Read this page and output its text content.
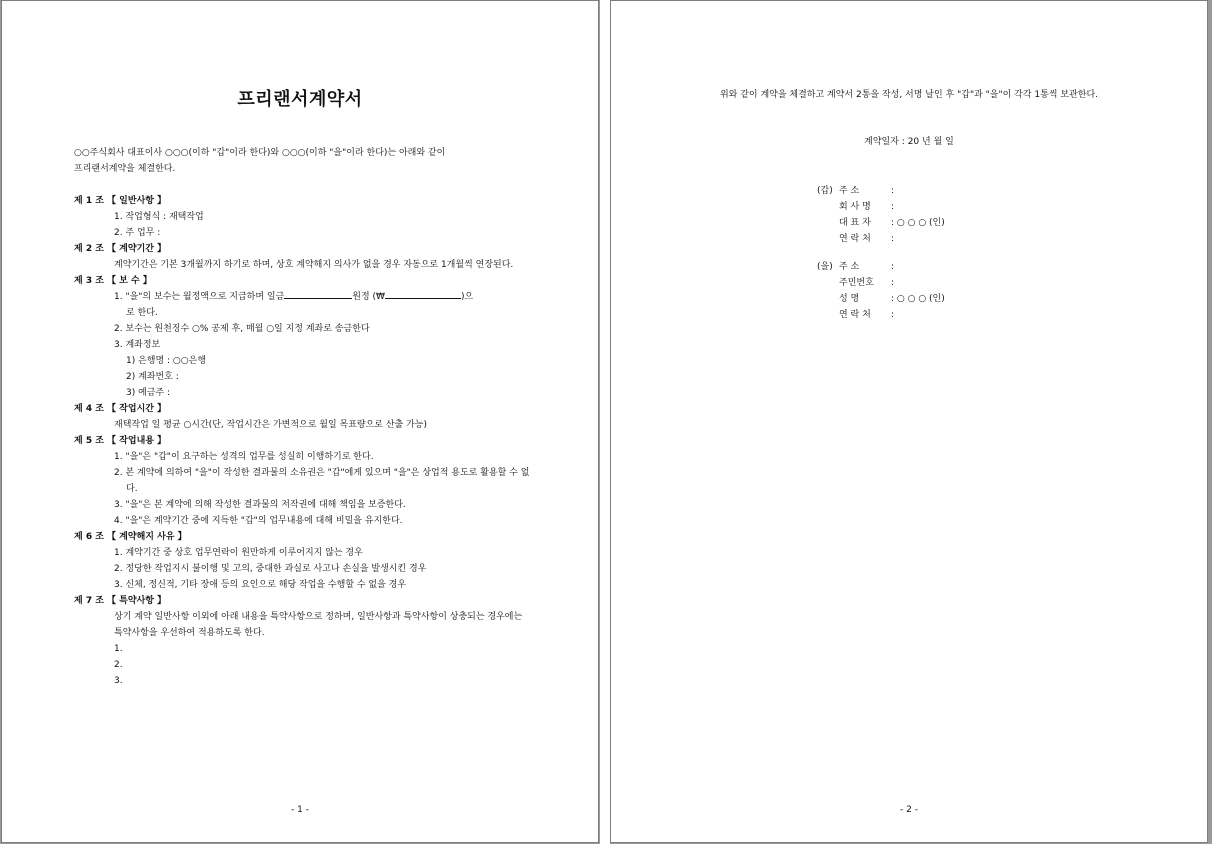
프리랜서계약서
○○주식회사 대표이사 ○○○(이하 "갑"이라 한다)와 ○○○(이하 "을"이라 한다)는 아래와 같이
프리랜서계약을 체결한다.
제 1 조 【 일반사항 】
1. 작업형식 : 재택작업
2. 주 업무 :
제 2 조 【 계약기간 】
계약기간은 기본 3개월까지 하기로 하며, 상호 계약해지 의사가 없을 경우 자동으로 1개월씩 연장된다.
제 3 조 【 보 수 】
1. "을"의 보수는 월정액으로 지급하며 일금	원정 (₩	)으
로 한다.
2. 보수는 원천징수 ○% 공제 후, 매월 ○일 지정 계좌로 송금한다
3. 계좌정보
1) 은행명 : ○○은행
2) 계좌번호 :
3) 예금주 :
제 4 조 【 작업시간 】
재택작업 일 평균 ○시간(단, 작업시간은 가변적으로 월일 목표량으로 산출 가능)
제 5 조 【 작업내용 】
1. "을"은 "갑"이 요구하는 성격의 업무를 성실히 이행하기로 한다.
2. 본 계약에 의하여 "을"이 작성한 결과물의 소유권은 "갑"에게 있으며 "을"은 상업적 용도로 활용할 수 없다.
3. "을"은 본 계약에 의해 작성한 결과물의 저작권에 대해 책임을 보증한다.
4. "을"은 계약기간 중에 지득한 "갑"의 업무내용에 대해 비밀을 유지한다.
제 6 조 【 계약해지 사유 】
1. 계약기간 중 상호 업무연락이 원만하게 이루어지지 않는 경우
2. 정당한 작업지시 불이행 및 고의, 중대한 과실로 사고나 손실을 발생시킨 경우
3. 신체, 정신적, 기타 장애 등의 요인으로 해당 작업을 수행할 수 없을 경우
제 7 조 【 특약사항 】
상기 계약 일반사항 이외에 아래 내용을 특약사항으로 정하며, 일반사항과 특약사항이 상충되는 경우에는 특약사항을 우선하여 적용하도록 한다.
1.
2.
3.
- 1 -
위와 같이 계약을 체결하고 계약서 2통을 작성, 서명 날인 후 "갑"과 "을"이 각각 1통씩 보관한다.
계약일자 : 20 년 월 일
(갑) 주 소	:
회 사 명 :
대 표 자 : ○ ○ ○ (인)
연 락 처 :
(을) 주 소	:
주민번호 :
성 명	: ○ ○ ○ (인)
연 락 처 :
- 2 -
